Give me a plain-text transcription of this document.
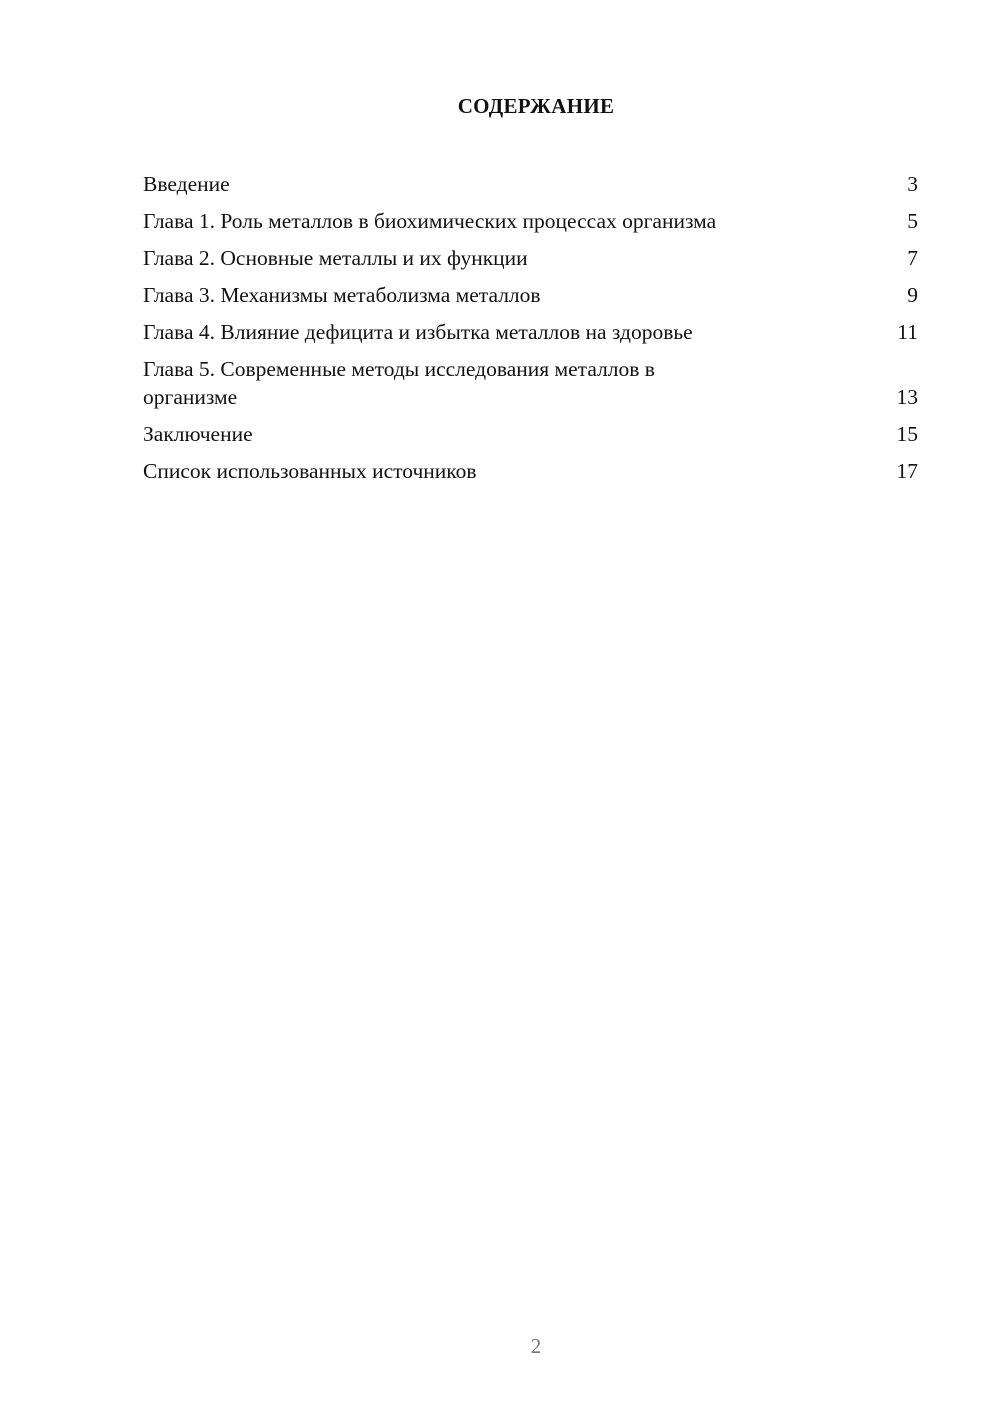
СОДЕРЖАНИЕ
Введение	3
Глава 1. Роль металлов в биохимических процессах организма	5
Глава 2. Основные металлы и их функции	7
Глава 3. Механизмы метаболизма металлов	9
Глава 4. Влияние дефицита и избытка металлов на здоровье	11
Глава 5. Современные методы исследования металлов в организме	13
Заключение	15
Список использованных источников	17
2
